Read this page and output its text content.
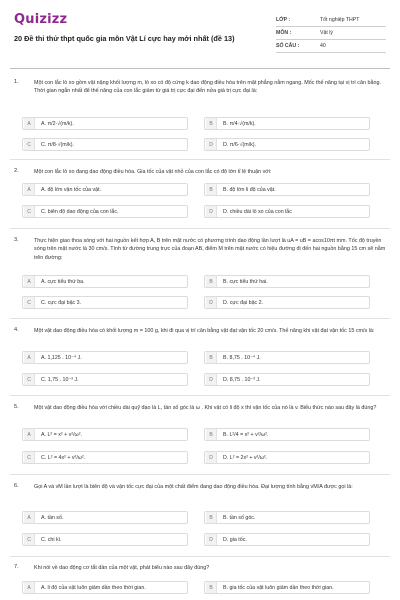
Quizizz
20 Đề thi thử thpt quốc gia môn Vật Lí cực hay mới nhất (đề 13)
LỚP :	Tốt nghiệp THPT
MÔN :	Vật lý
SỐ CÂU :	40
1.	Một con lắc lò xo gồm vật nặng khối lượng m, lò xo có độ cứng k dao động điều hòa trên mặt phẳng nằm ngang. Mốc thế năng tại vị trí cân bằng. Thời gian ngắn nhất để thế năng của con lắc giảm từ giá trị cực đại đến nửa giá trị cực đại là:
A	A. π/2·√(m/k).	B	B. π/4·√(m/k).
C	C. π/8·√(m/k).	D	D. π/6·√(m/k).
2.	Một con lắc lò xo đang dao động điều hòa. Gia tốc của vật nhỏ của con lắc có độ lớn tỉ lệ thuận với:
A	A. độ lớn vận tốc của vật.	B	B. độ lớn li độ của vật.
C	C. biên độ dao động của con lắc.	D	D. chiều dài lò xo của con lắc
3.	Thực hiện giao thoa sóng với hai nguồn kết hợp A, B trên mặt nước có phương trình dao động lần lượt là uA = uB = acos10πt mm. Tốc độ truyền sóng trên mặt nước là 30 cm/s. Tính từ đường trung trực của đoạn AB, điểm M trên mặt nước có hiệu đường đi đến hai nguồn bằng 15 cm sẽ nằm trên đường:
A	A. cực tiểu thứ ba.	B	B. cực tiểu thứ hai.
C	C. cực đại bậc 3.	D	D. cực đại bậc 2.
4.	Một vật dao động điều hòa có khối lượng m = 100 g, khi đi qua vị trí cân bằng vật đạt vận tốc 20 cm/s. Thế năng khi vật đạt vận tốc 15 cm/s là:
A	A. 1,125 . 10⁻⁴ J.	B	B. 8,75 . 10⁻⁴ J.
C	C. 1,75 . 10⁻³ J.	D	D. 8,75 . 10⁻³ J.
5.	Một vật dao động điều hòa với chiều dài quỹ đạo là L, tần số góc là ω . Khi vật có li độ x thì vận tốc của nó là v. Biểu thức nào sau đây là đúng?
A	A. L² = x² + v²/ω².	B	B. L²/4 = x² + v²/ω².
C	C. L² = 4x² + v²/ω².	D	D. L² = 2x² + v²/ω².
6.	Gọi A và vM lần lượt là biên độ và vận tốc cực đại của một chất điểm đang dao động điều hòa. Đại lượng tính bằng vM/A được gọi là:
A	A. tần số.	B	B. tần số góc.
C	C. chi kì.	D	D. gia tốc.
7.	Khi nói về dao động cơ tắt dần của một vật, phát biểu nào sau đây đúng?
A	A. li độ của vật luôn giảm dần theo thời gian.	B	B. gia tốc của vật luôn giảm dần theo thời gian.
